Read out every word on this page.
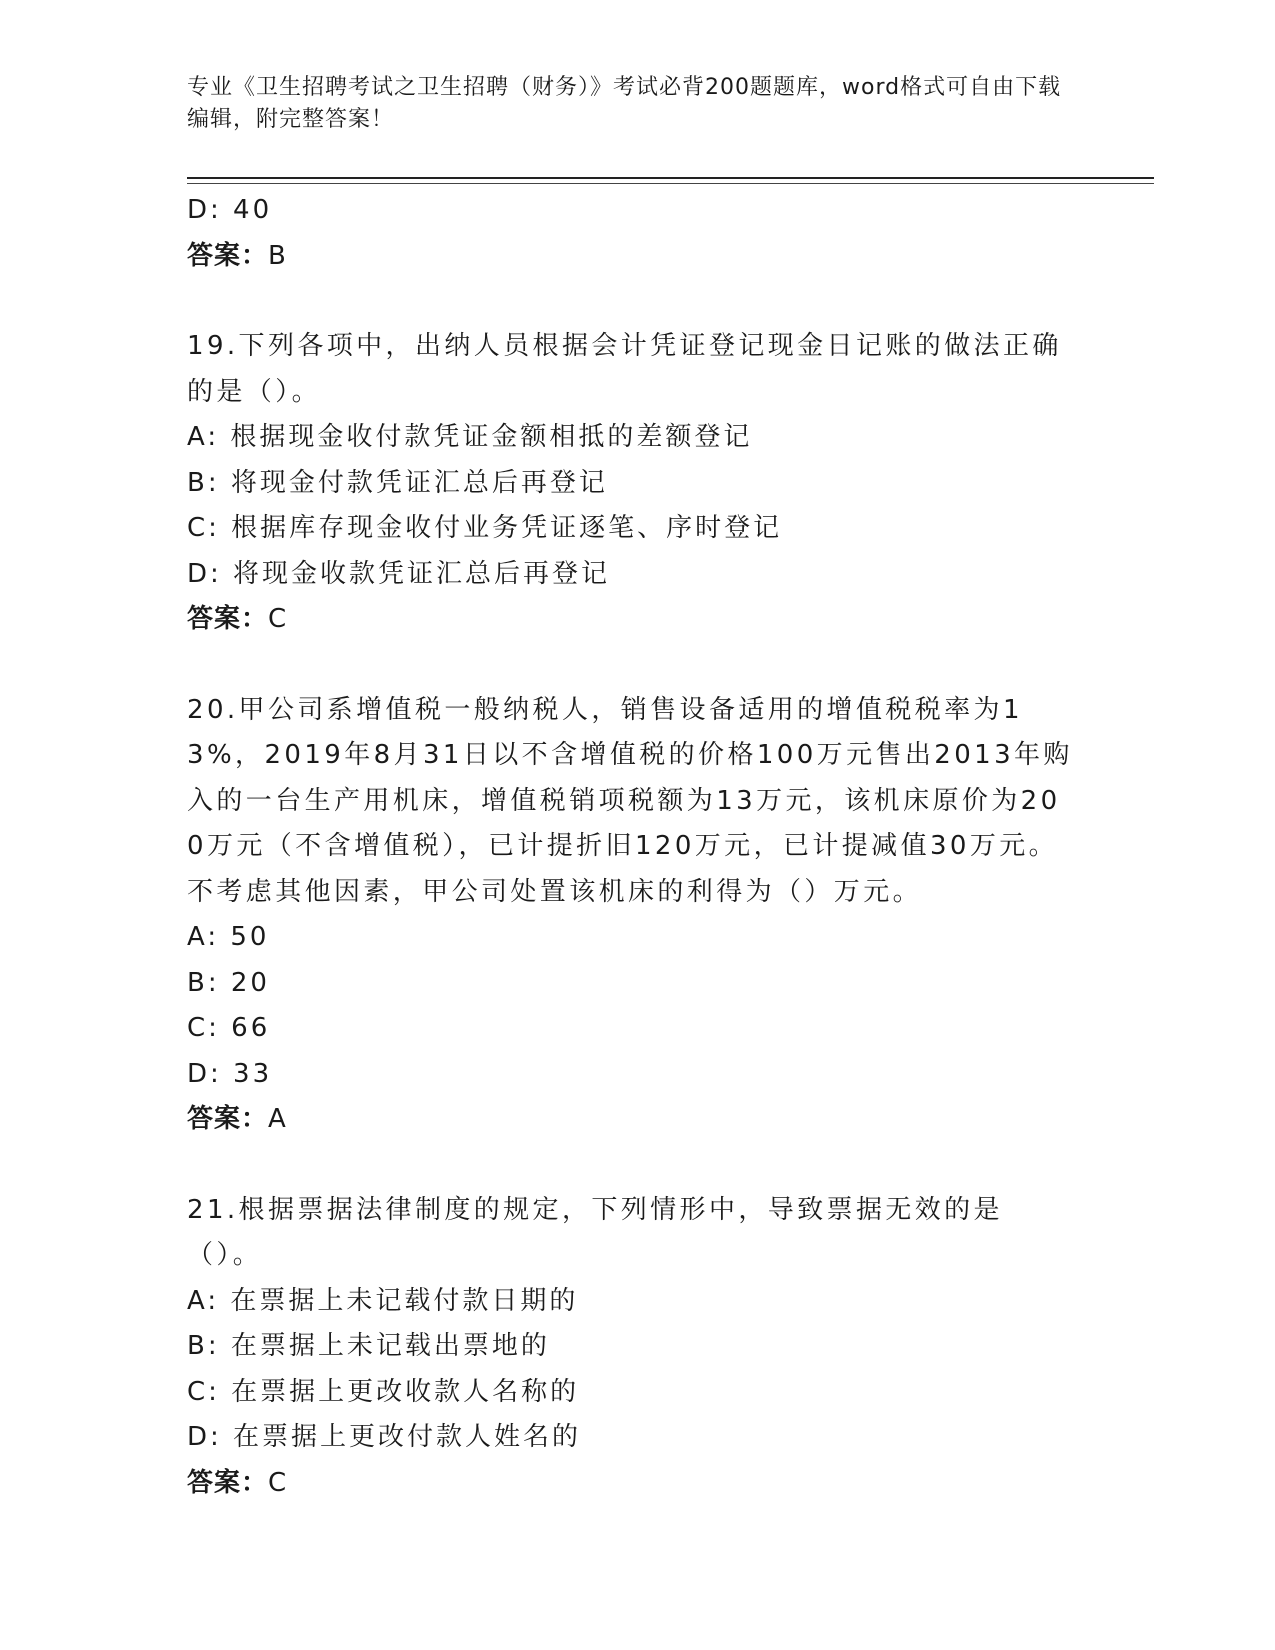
专业《卫生招聘考试之卫生招聘（财务）》考试必背200题题库，word格式可自由下载编辑，附完整答案！
D: 40
答案：B
19.下列各项中，出纳人员根据会计凭证登记现金日记账的做法正确的是（）。
A: 根据现金收付款凭证金额相抵的差额登记
B: 将现金付款凭证汇总后再登记
C: 根据库存现金收付业务凭证逐笔、序时登记
D: 将现金收款凭证汇总后再登记
答案：C
20.甲公司系增值税一般纳税人，销售设备适用的增值税税率为13%，2019年8月31日以不含增值税的价格100万元售出2013年购入的一台生产用机床，增值税销项税额为13万元，该机床原价为200万元（不含增值税），已计提折旧120万元，已计提减值30万元。不考虑其他因素，甲公司处置该机床的利得为（）万元。
A: 50
B: 20
C: 66
D: 33
答案：A
21.根据票据法律制度的规定，下列情形中，导致票据无效的是（）。
A: 在票据上未记载付款日期的
B: 在票据上未记载出票地的
C: 在票据上更改收款人名称的
D: 在票据上更改付款人姓名的
答案：C
